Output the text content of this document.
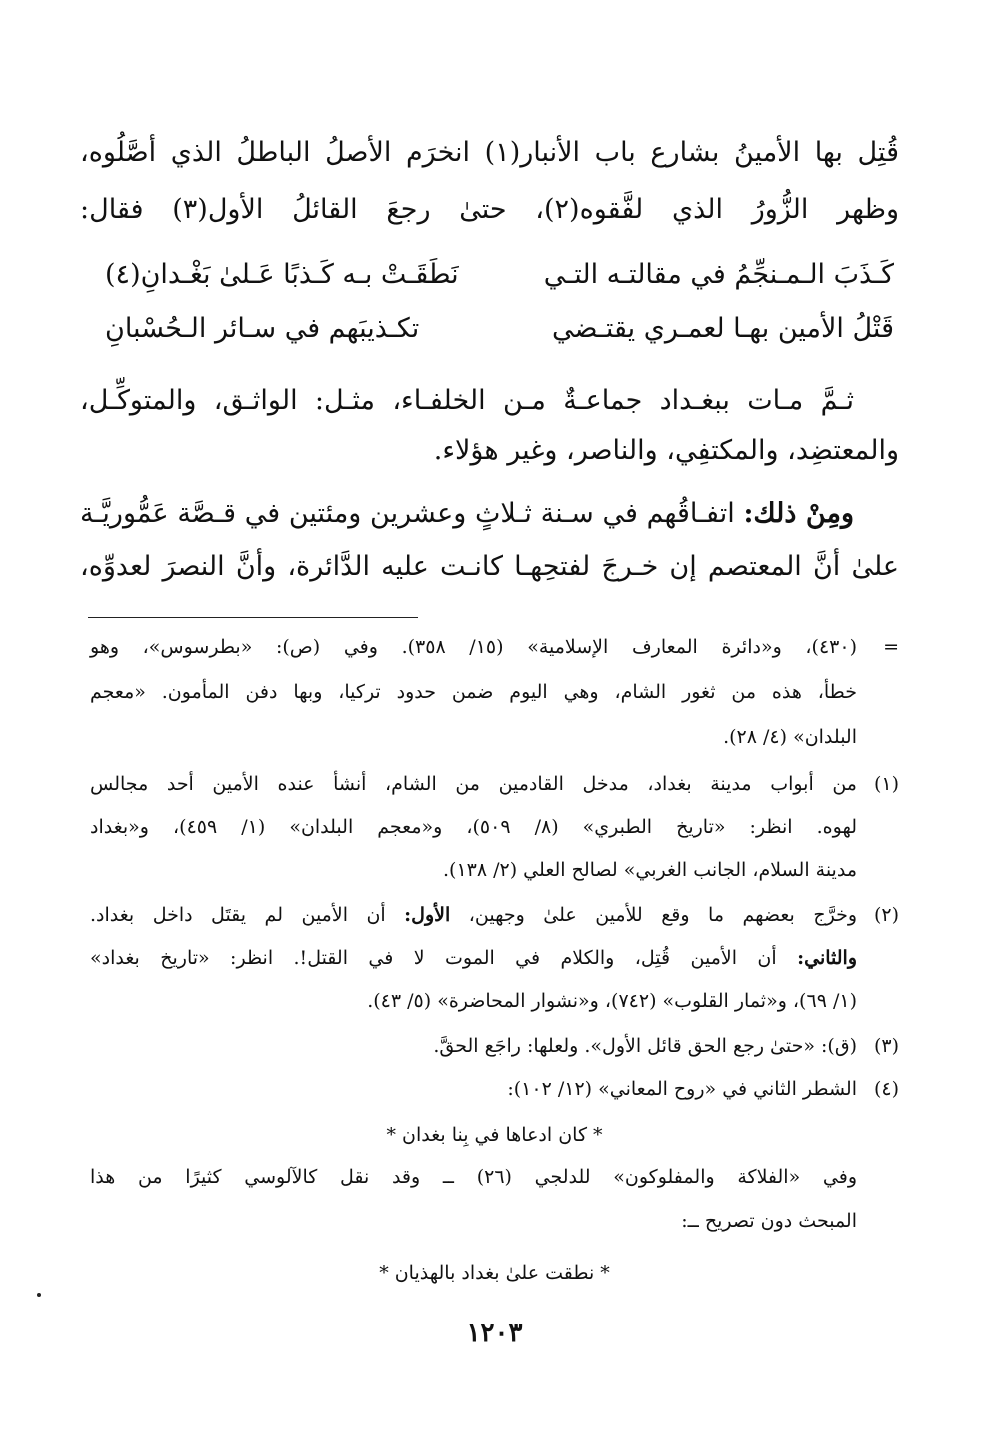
قُتِل بها الأمينُ بشارع باب الأنبار(١) انخرَم الأصلُ الباطلُ الذي أصَّلُوه،
وظهر الزُّورُ الذي لفَّقوه(٢)، حتىٰ رجعَ القائلُ الأول(٣) فقال:
كَـذَبَ الـمـنجِّمُ في مقالتـه التـي
نَطَقَـتْ بـه كَـذبًا عَـلىٰ بَغْـدانِ(٤)
قَتْلُ الأمين بهـا لعمـري يقتـضي
تكـذيبَهم في سـائر الـحُسْبانِ
ثـمَّ مـات ببغـداد جماعـةٌ مـن الخلفـاء، مثـل: الواثـق، والمتوكِّـل،
والمعتضِد، والمكتفِي، والناصر، وغير هؤلاء.
ومِنْ ذلك: اتفـاقُهم في سـنة ثـلاثٍ وعشرين ومئتين في قـصَّة عَمُّوريَّـة
علىٰ أنَّ المعتصم إن خـرجَ لفتحِهـا كانـت عليه الدَّائرة، وأنَّ النصرَ لعدوِّه،
=
(٤٣٠)، و«دائرة المعارف الإسلامية» (١٥/ ٣٥٨). وفي (ص): «بطرسوس»، وهو
خطأ، هذه من ثغور الشام، وهي اليوم ضمن حدود تركيا، وبها دفن المأمون. «معجم
البلدان» (٤/ ٢٨).
(١)
من أبواب مدينة بغداد، مدخل القادمين من الشام، أنشأ عنده الأمين أحد مجالس
لهوه. انظر: «تاريخ الطبري» (٨/ ٥٠٩)، و«معجم البلدان» (١/ ٤٥٩)، و«بغداد
مدينة السلام، الجانب الغربي» لصالح العلي (٢/ ١٣٨).
(٢)
وخرَّج بعضهم ما وقع للأمين علىٰ وجهين، الأول: أن الأمين لم يقتَل داخل بغداد.
والثاني: أن الأمين قُتِل، والكلام في الموت لا في القتل!. انظر: «تاريخ بغداد»
(١/ ٦٩)، و«ثمار القلوب» (٧٤٢)، و«نشوار المحاضرة» (٥/ ٤٣).
(٣)
(ق): «حتىٰ رجع الحق قائل الأول». ولعلها: راجَع الحقَّ.
(٤)
الشطر الثاني في «روح المعاني» (١٢/ ١٠٢):
* كان ادعاها في بِنا بغدان *
وفي «الفلاكة والمفلوكون» للدلجي (٢٦) ــ وقد نقل كالآلوسي كثيرًا من هذا
المبحث دون تصريح ــ:
* نطقت علىٰ بغداد بالهذيان *
١٢٠٣
